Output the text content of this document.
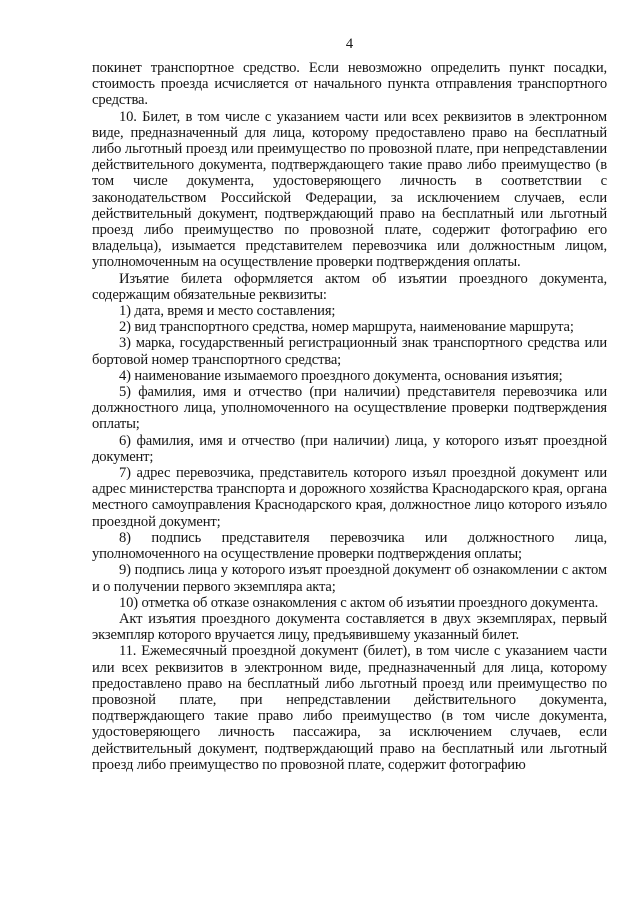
4

покинет транспортное средство. Если невозможно определить пункт посадки, стоимость проезда исчисляется от начального пункта отправления транспортного средства.

10. Билет, в том числе с указанием части или всех реквизитов в электронном виде, предназначенный для лица, которому предоставлено право на бесплатный либо льготный проезд или преимущество по провозной плате, при непредставлении действительного документа, подтверждающего такие право либо преимущество (в том числе документа, удостоверяющего личность в соответствии с законодательством Российской Федерации, за исключением случаев, если действительный документ, подтверждающий право на бесплатный или льготный проезд либо преимущество по провозной плате, содержит фотографию его владельца), изымается представителем перевозчика или должностным лицом, уполномоченным на осуществление проверки подтверждения оплаты.

Изъятие билета оформляется актом об изъятии проездного документа, содержащим обязательные реквизиты:

1) дата, время и место составления;

2) вид транспортного средства, номер маршрута, наименование маршрута;

3) марка, государственный регистрационный знак транспортного средства или бортовой номер транспортного средства;

4) наименование изымаемого проездного документа, основания изъятия;

5) фамилия, имя и отчество (при наличии) представителя перевозчика или должностного лица, уполномоченного на осуществление проверки подтверждения оплаты;

6) фамилия, имя и отчество (при наличии) лица, у которого изъят проездной документ;

7) адрес перевозчика, представитель которого изъял проездной документ или адрес министерства транспорта и дорожного хозяйства Краснодарского края, органа местного самоуправления Краснодарского края, должностное лицо которого изъяло проездной документ;

8) подпись представителя перевозчика или должностного лица, уполномоченного на осуществление проверки подтверждения оплаты;

9) подпись лица у которого изъят проездной документ об ознакомлении с актом и о получении первого экземпляра акта;

10) отметка об отказе ознакомления с актом об изъятии проездного документа.

Акт изъятия проездного документа составляется в двух экземплярах, первый экземпляр которого вручается лицу, предъявившему указанный билет.

11. Ежемесячный проездной документ (билет), в том числе с указанием части или всех реквизитов в электронном виде, предназначенный для лица, которому предоставлено право на бесплатный либо льготный проезд или преимущество по провозной плате, при непредставлении действительного документа, подтверждающего такие право либо преимущество (в том числе документа, удостоверяющего личность пассажира, за исключением случаев, если действительный документ, подтверждающий право на бесплатный или льготный проезд либо преимущество по провозной плате, содержит фотографию
